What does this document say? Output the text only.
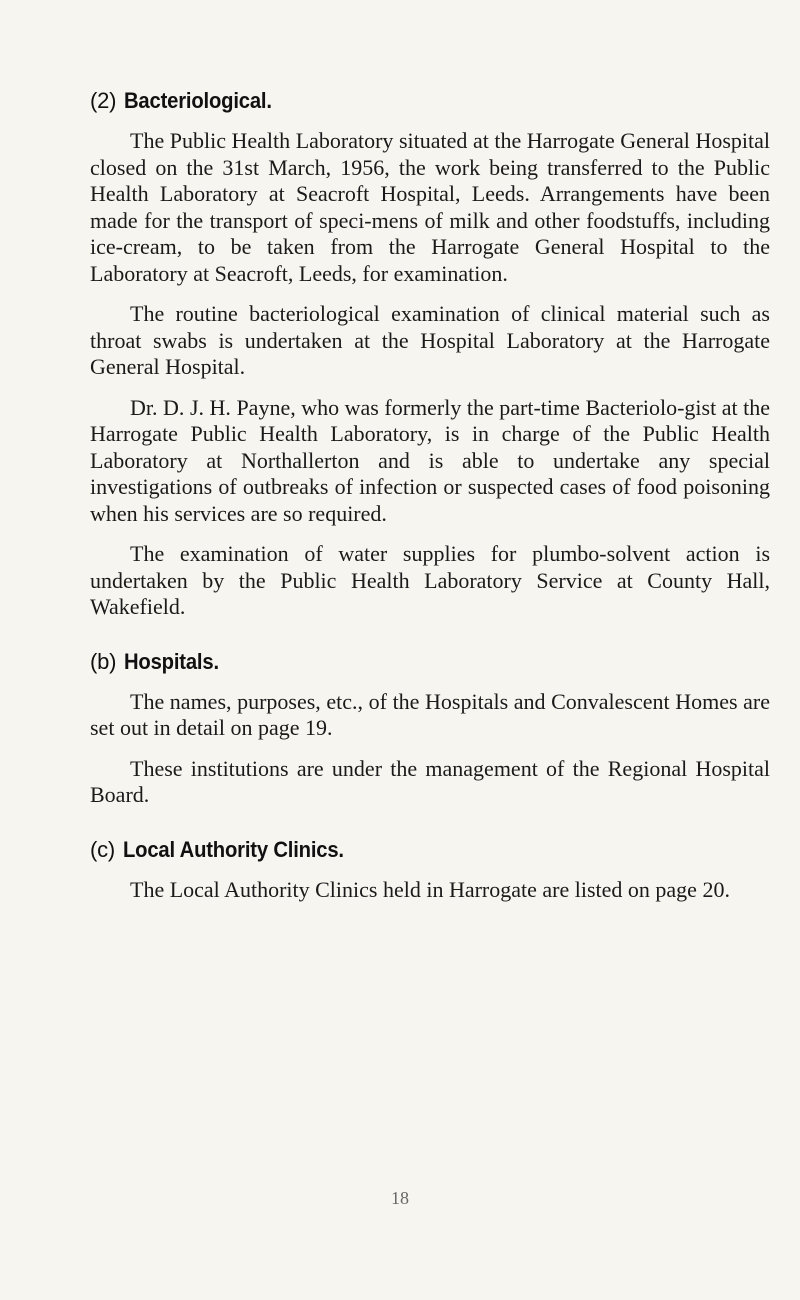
(2) Bacteriological.

The Public Health Laboratory situated at the Harrogate General Hospital closed on the 31st March, 1956, the work being transferred to the Public Health Laboratory at Seacroft Hospital, Leeds. Arrangements have been made for the transport of speci-mens of milk and other foodstuffs, including ice-cream, to be taken from the Harrogate General Hospital to the Laboratory at Seacroft, Leeds, for examination.

The routine bacteriological examination of clinical material such as throat swabs is undertaken at the Hospital Laboratory at the Harrogate General Hospital.

Dr. D. J. H. Payne, who was formerly the part-time Bacteriolo-gist at the Harrogate Public Health Laboratory, is in charge of the Public Health Laboratory at Northallerton and is able to undertake any special investigations of outbreaks of infection or suspected cases of food poisoning when his services are so required.

The examination of water supplies for plumbo-solvent action is undertaken by the Public Health Laboratory Service at County Hall, Wakefield.

(b) Hospitals.

The names, purposes, etc., of the Hospitals and Convalescent Homes are set out in detail on page 19.

These institutions are under the management of the Regional Hospital Board.

(c) Local Authority Clinics.

The Local Authority Clinics held in Harrogate are listed on page 20.

18
